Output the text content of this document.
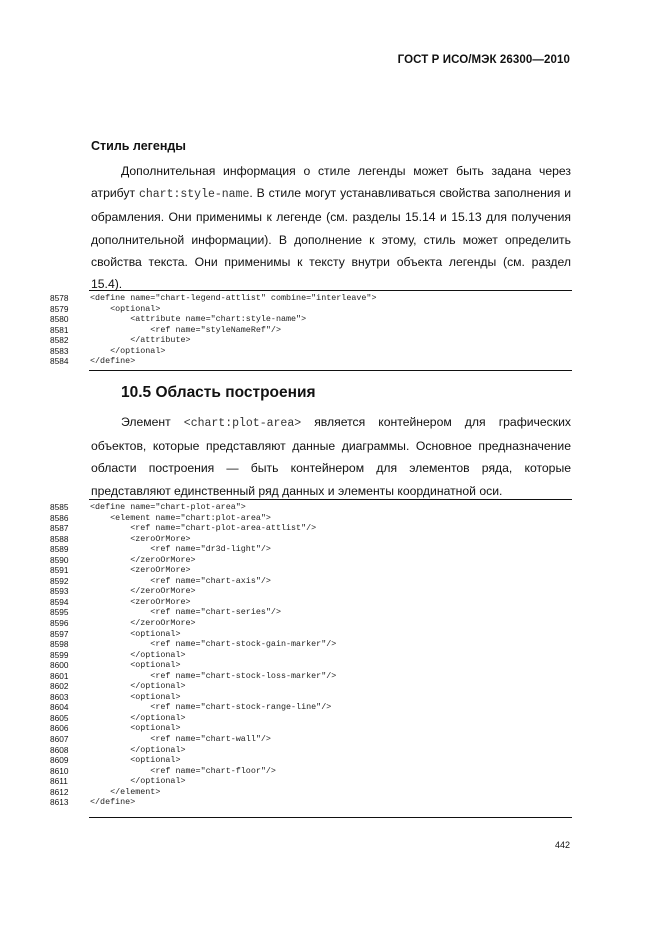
ГОСТ Р ИСО/МЭК 26300—2010
Стиль легенды
Дополнительная информация о стиле легенды может быть задана через атрибут chart:style-name. В стиле могут устанавливаться свойства заполнения и обрамления. Они применимы к легенде (см. разделы 15.14 и 15.13 для получения дополнительной информации). В дополнение к этому, стиль может определить свойства текста. Они применимы к тексту внутри объекта легенды (см. раздел 15.4).
8578	<define name="chart-legend-attlist" combine="interleave">
8579	<optional>
8580	<attribute name="chart:style-name">
8581	<ref name="styleNameRef"/>
8582	</attribute>
8583	</optional>
8584	</define>
10.5 Область построения
Элемент <chart:plot-area> является контейнером для графических объектов, которые представляют данные диаграммы. Основное предназначение области построения — быть контейнером для элементов ряда, которые представляют единственный ряд данных и элементы координатной оси.
8585	<define name="chart-plot-area">
8586	<element name="chart:plot-area">
8587	<ref name="chart-plot-area-attlist"/>
8588	<zeroOrMore>
8589	<ref name="dr3d-light"/>
8590	</zeroOrMore>
8591	<zeroOrMore>
8592	<ref name="chart-axis"/>
8593	</zeroOrMore>
8594	<zeroOrMore>
8595	<ref name="chart-series"/>
8596	</zeroOrMore>
8597	<optional>
8598	<ref name="chart-stock-gain-marker"/>
8599	</optional>
8600	<optional>
8601	<ref name="chart-stock-loss-marker"/>
8602	</optional>
8603	<optional>
8604	<ref name="chart-stock-range-line"/>
8605	</optional>
8606	<optional>
8607	<ref name="chart-wall"/>
8608	</optional>
8609	<optional>
8610	<ref name="chart-floor"/>
8611	</optional>
8612	</element>
8613	</define>
442
